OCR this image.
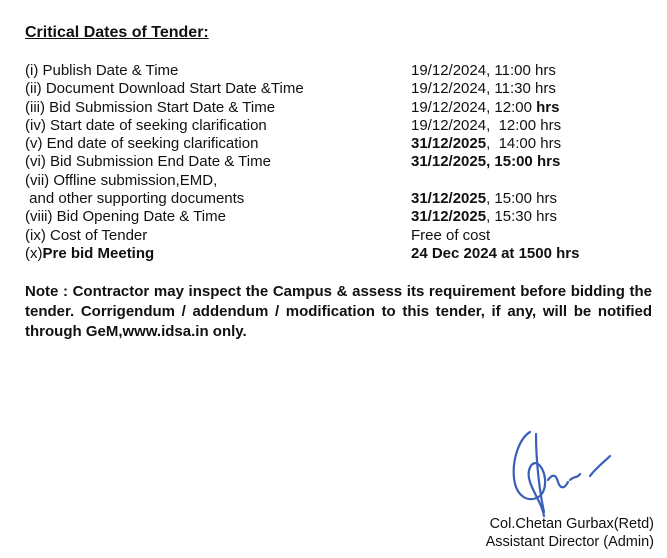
Critical Dates of Tender:
(i) Publish Date & Time	19/12/2024, 11:00 hrs
(ii) Document Download Start Date &Time	19/12/2024, 11:30 hrs
(iii) Bid Submission Start Date & Time	19/12/2024, 12:00 hrs
(iv) Start date of seeking clarification	19/12/2024,  12:00 hrs
(v) End date of seeking clarification	31/12/2025,  14:00 hrs
(vi) Bid Submission End Date & Time	31/12/2025, 15:00 hrs
(vii) Offline submission,EMD,
and other supporting documents	31/12/2025, 15:00 hrs
(viii) Bid Opening Date & Time	31/12/2025, 15:30 hrs
(ix) Cost of Tender	Free of cost
(x)Pre bid Meeting	24 Dec 2024 at 1500 hrs

Note : Contractor may inspect the Campus & assess its requirement before bidding the tender. Corrigendum / addendum / modification to this tender, if any, will be notified through GeM,www.idsa.in only.

Col.Chetan Gurbax(Retd)
Assistant Director (Admin)
